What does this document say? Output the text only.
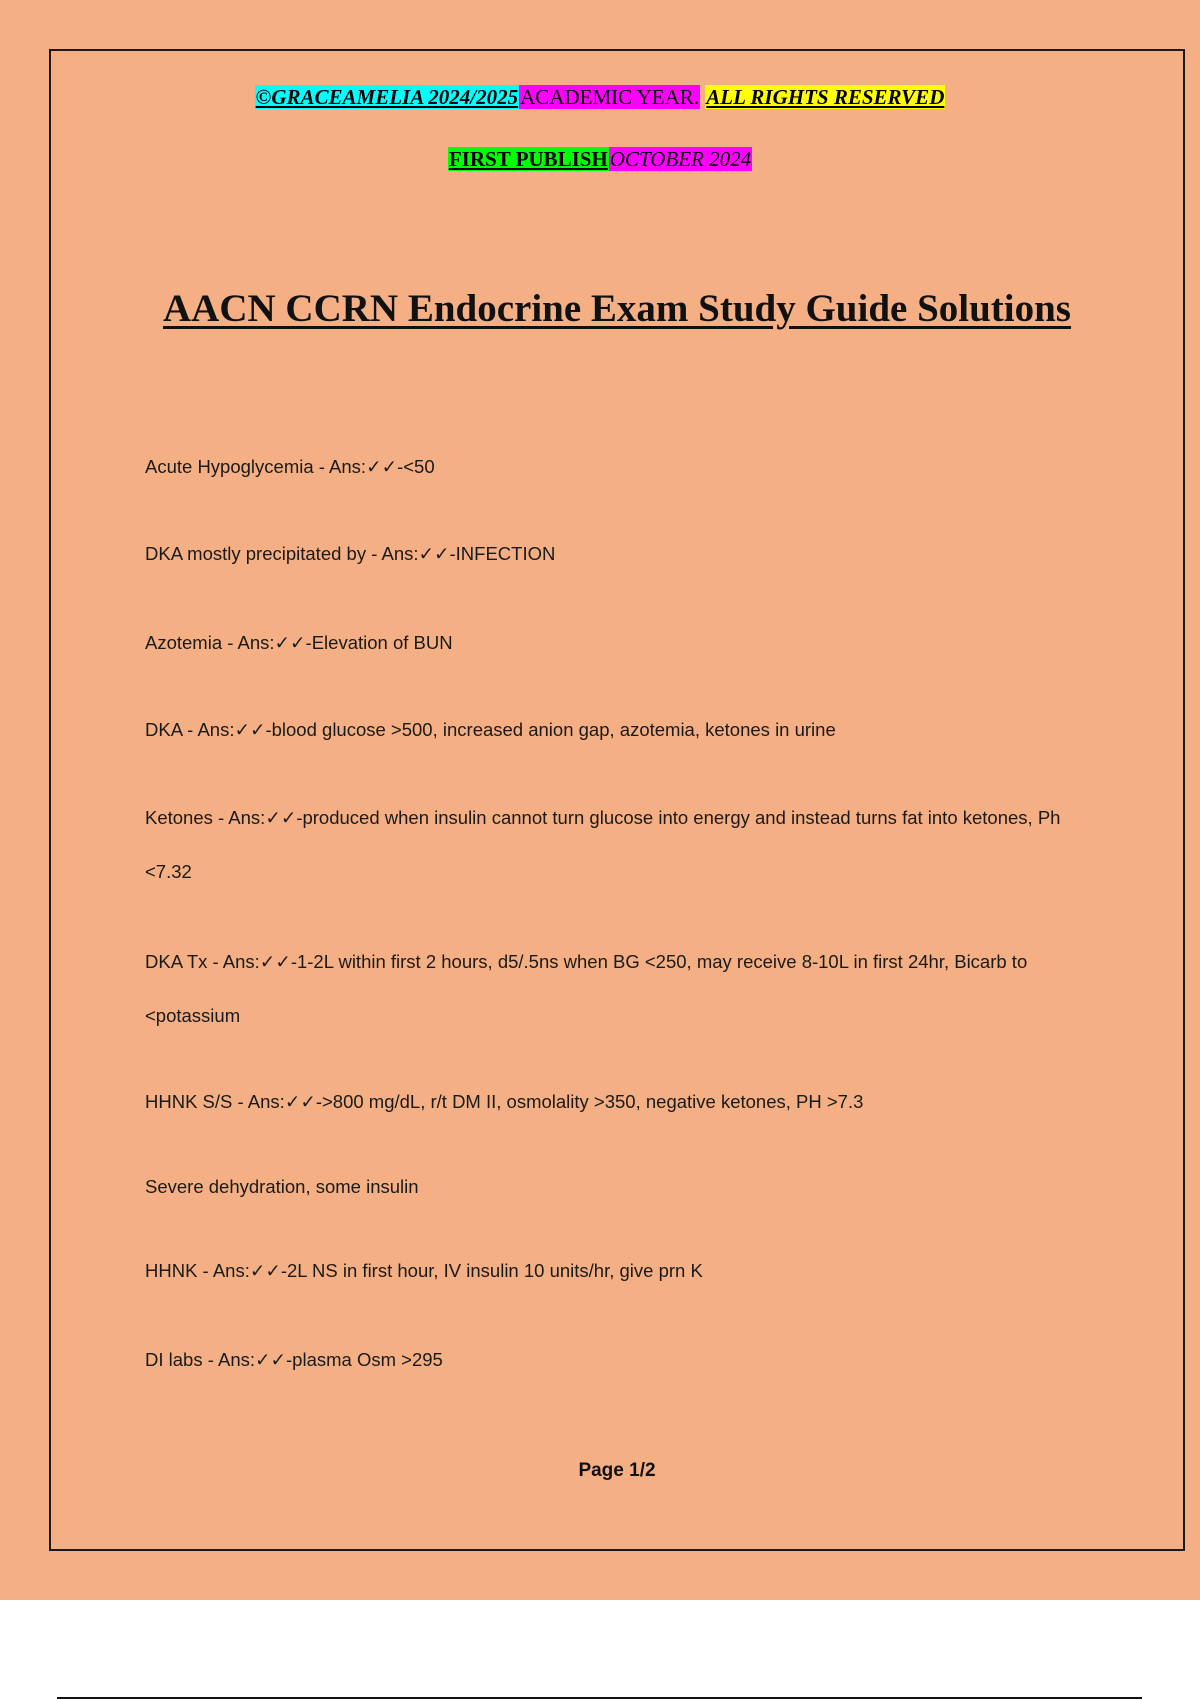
©GRACEAMELIA 2024/2025ACADEMIC YEAR. ALL RIGHTS RESERVED
FIRST PUBLISHOCTOBER 2024
AACN CCRN Endocrine Exam Study Guide Solutions
Acute Hypoglycemia - Ans:✓✓-<50
DKA mostly precipitated by - Ans:✓✓-INFECTION
Azotemia - Ans:✓✓-Elevation of BUN
DKA - Ans:✓✓-blood glucose >500, increased anion gap, azotemia, ketones in urine
Ketones - Ans:✓✓-produced when insulin cannot turn glucose into energy and instead turns fat into ketones, Ph <7.32
DKA Tx - Ans:✓✓-1-2L within first 2 hours, d5/.5ns when BG <250, may receive 8-10L in first 24hr, Bicarb to <potassium
HHNK S/S - Ans:✓✓->800 mg/dL, r/t DM II, osmolality >350, negative ketones, PH >7.3
Severe dehydration, some insulin
HHNK - Ans:✓✓-2L NS in first hour, IV insulin 10 units/hr, give prn K
DI labs - Ans:✓✓-plasma Osm >295
Page 1/2
